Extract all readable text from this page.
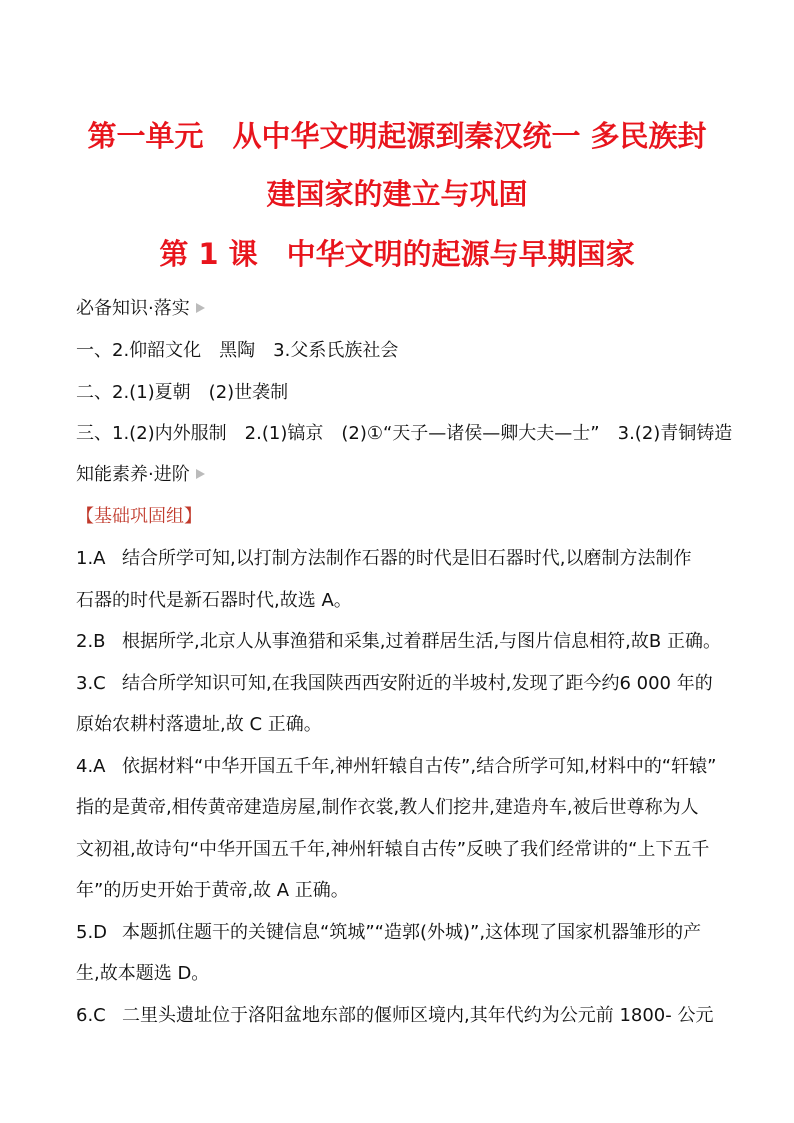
第一单元　从中华文明起源到秦汉统一 多民族封
建国家的建立与巩固
第 1 课　中华文明的起源与早期国家
必备知识·落实
一、2.仰韶文化　黑陶　3.父系氏族社会
二、2.(1)夏朝　(2)世袭制
三、1.(2)内外服制　2.(1)镐京　(2)①“天子—诸侯—卿大夫—士”　3.(2)青铜铸造
知能素养·进阶
【基础巩固组】
1.A 结合所学可知,以打制方法制作石器的时代是旧石器时代,以磨制方法制作
石器的时代是新石器时代,故选 A。
2.B 根据所学,北京人从事渔猎和采集,过着群居生活,与图片信息相符,故B 正确。
3.C 结合所学知识可知,在我国陕西西安附近的半坡村,发现了距今约6 000 年的
原始农耕村落遗址,故 C 正确。
4.A 依据材料“中华开国五千年,神州轩辕自古传”,结合所学可知,材料中的“轩辕”
指的是黄帝,相传黄帝建造房屋,制作衣裳,教人们挖井,建造舟车,被后世尊称为人
文初祖,故诗句“中华开国五千年,神州轩辕自古传”反映了我们经常讲的“上下五千
年”的历史开始于黄帝,故 A 正确。
5.D 本题抓住题干的关键信息“筑城”“造郭(外城)”,这体现了国家机器雏形的产
生,故本题选 D。
6.C 二里头遗址位于洛阳盆地东部的偃师区境内,其年代约为公元前 1800- 公元
